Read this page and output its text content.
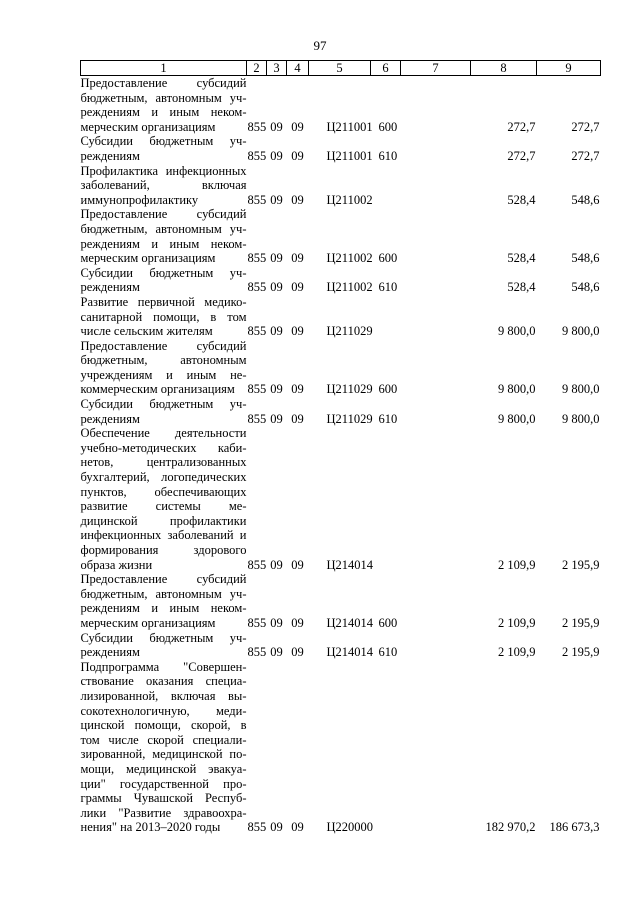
97
1	2	3	4	5	6	7	8	9
Предоставление субсидий бюджетным, автономным учреждениям и иным некоммерческим организациям	855	09	09	Ц211001	600		272,7	272,7
Субсидии бюджетным учреждениям	855	09	09	Ц211001	610		272,7	272,7
Профилактика инфекционных заболеваний, включая иммунопрофилактику	855	09	09	Ц211002			528,4	548,6
Предоставление субсидий бюджетным, автономным учреждениям и иным некоммерческим организациям	855	09	09	Ц211002	600		528,4	548,6
Субсидии бюджетным учреждениям	855	09	09	Ц211002	610		528,4	548,6
Развитие первичной медико-санитарной помощи, в том числе сельским жителям	855	09	09	Ц211029			9 800,0	9 800,0
Предоставление субсидий бюджетным, автономным учреждениям и иным некоммерческим организациям	855	09	09	Ц211029	600		9 800,0	9 800,0
Субсидии бюджетным учреждениям	855	09	09	Ц211029	610		9 800,0	9 800,0
Обеспечение деятельности учебно-методических кабинетов, централизованных бухгалтерий, логопедических пунктов, обеспечивающих развитие системы медицинской профилактики инфекционных заболеваний и формирования здорового образа жизни	855	09	09	Ц214014			2 109,9	2 195,9
Предоставление субсидий бюджетным, автономным учреждениям и иным некоммерческим организациям	855	09	09	Ц214014	600		2 109,9	2 195,9
Субсидии бюджетным учреждениям	855	09	09	Ц214014	610		2 109,9	2 195,9
Подпрограмма "Совершенствование оказания специализированной, включая высокотехнологичную, медицинской помощи, скорой, в том числе скорой специализированной, медицинской помощи, медицинской эвакуации" государственной программы Чувашской Республики "Развитие здравоохранения" на 2013–2020 годы	855	09	09	Ц220000			182 970,2	186 673,3
